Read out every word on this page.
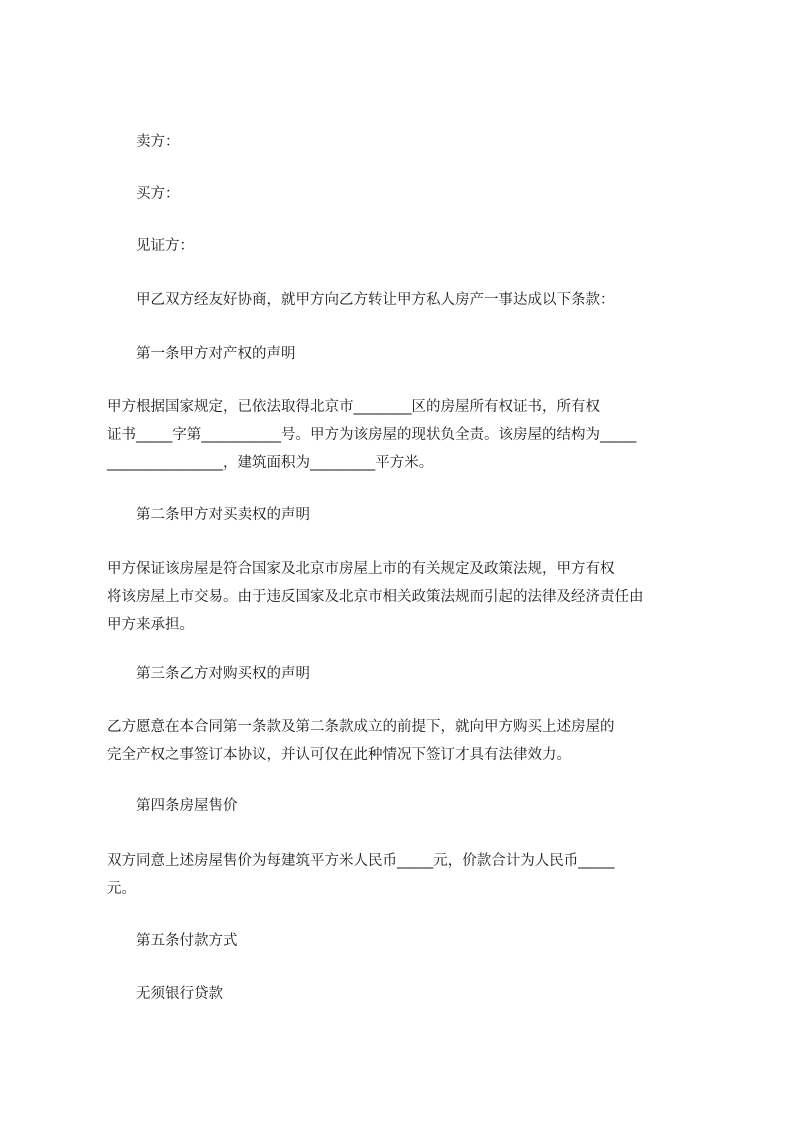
卖方：

买方：

见证方：

甲乙双方经友好协商，就甲方向乙方转让甲方私人房产一事达成以下条款：

第一条甲方对产权的声明

甲方根据国家规定，已依法取得北京市________区的房屋所有权证书，所有权
证书_____字第___________号。甲方为该房屋的现状负全责。该房屋的结构为_____
________________，建筑面积为_________平方米。

第二条甲方对买卖权的声明

甲方保证该房屋是符合国家及北京市房屋上市的有关规定及政策法规，甲方有权
将该房屋上市交易。由于违反国家及北京市相关政策法规而引起的法律及经济责任由
甲方来承担。

第三条乙方对购买权的声明

乙方愿意在本合同第一条款及第二条款成立的前提下，就向甲方购买上述房屋的
完全产权之事签订本协议，并认可仅在此种情况下签订才具有法律效力。

第四条房屋售价

双方同意上述房屋售价为每建筑平方米人民币_____元，价款合计为人民币_____
元。

第五条付款方式

无须银行贷款
